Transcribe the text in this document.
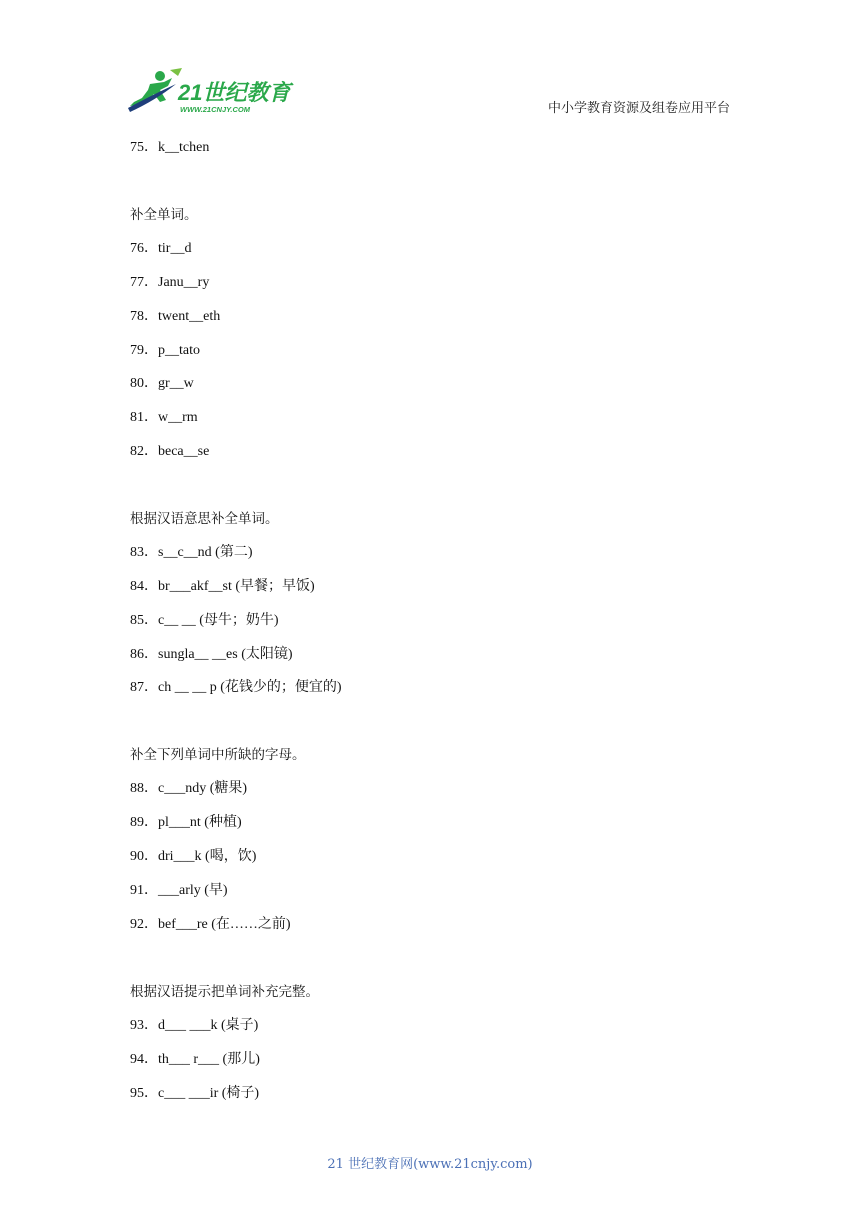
21世纪教育
WWW.21CNJY.COM	中小学教育资源及组卷应用平台
75．k__tchen
补全单词。
76．tir__d
77．Janu__ry
78．twent__eth
79．p__tato
80．gr__w
81．w__rm
82．beca__se
根据汉语意思补全单词。
83．s__c__nd (第二)
84．br___akf__st (早餐；早饭)
85．c__ __ (母牛；奶牛)
86．sungla__ __es (太阳镜)
87．ch __ __ p (花钱少的；便宜的)
补全下列单词中所缺的字母。
88．c___ndy (糖果)
89．pl___nt (种植)
90．dri___k (喝，饮)
91．___arly (早)
92．bef___re (在……之前)
根据汉语提示把单词补充完整。
93．d___ ___k (桌子)
94．th___ r___ (那儿)
95．c___ ___ir (椅子)
21 世纪教育网(www.21cnjy.com)
